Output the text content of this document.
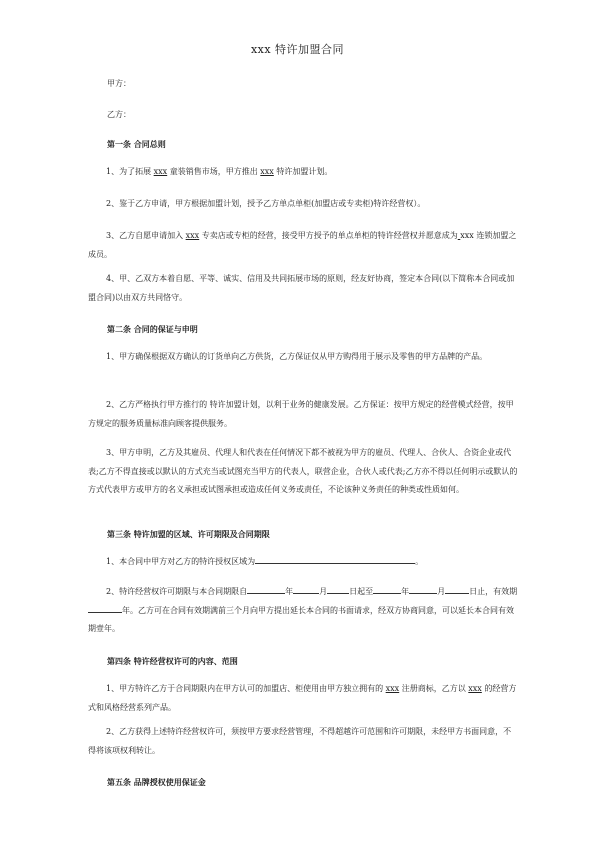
xxx 特许加盟合同
甲方：
乙方：
第一条 合同总则
1、为了拓展 xxx 童装销售市场，甲方推出 xxx 特许加盟计划。
2、鉴于乙方申请，甲方根据加盟计划，授予乙方单点单柜(加盟店或专卖柜)特许经营权）。
3、乙方自愿申请加入 xxx 专卖店或专柜的经营，接受甲方授予的单点单柜的特许经营权并愿意成为 xxx 连锁加盟之成员。
4、甲、乙双方本着自愿、平等、诚实、信用及共同拓展市场的原则，经友好协商，签定本合同(以下简称本合同或加盟合同)以由双方共同恪守。
第二条 合同的保证与申明
1、甲方确保根据双方确认的订货单向乙方供货，乙方保证仅从甲方购得用于展示及零售的甲方品牌的产品。
2、乙方严格执行甲方推行的 特许加盟计划，以利于业务的健康发展。乙方保证：按甲方规定的经营模式经营，按甲方规定的服务质量标准向顾客提供服务。
3、甲方申明，乙方及其雇员、代理人和代表在任何情况下都不被视为甲方的雇员、代理人、合伙人、合资企业或代表;乙方不得直接或以默认的方式充当或试图充当甲方的代表人，联营企业，合伙人或代表;乙方亦不得以任何明示或默认的方式代表甲方或甲方的名义承担或试图承担或造成任何义务或责任，不论该种义务责任的种类或性质如何。
第三条 特许加盟的区域、许可期限及合同期限
1、本合同中甲方对乙方的特许授权区域为	。
2、特许经营权许可期限与本合同期限自	年	月	日起至	年	月	日止，有效期年。乙方可在合同有效期满前三个月向甲方提出延长本合同的书面请求，经双方协商同意，可以延长本合同有效期壹年。
第四条 特许经营权许可的内容、范围
1、甲方特许乙方于合同期限内在甲方认可的加盟店、柜使用由甲方独立拥有的 xxx 注册商标，乙方以 xxx 的经营方式和风格经营系列产品。
2、乙方获得上述特许经营权许可，须按甲方要求经营管理，不得超越许可范围和许可期限，未经甲方书面同意，不得将该项权利转让。
第五条 品牌授权使用保证金
